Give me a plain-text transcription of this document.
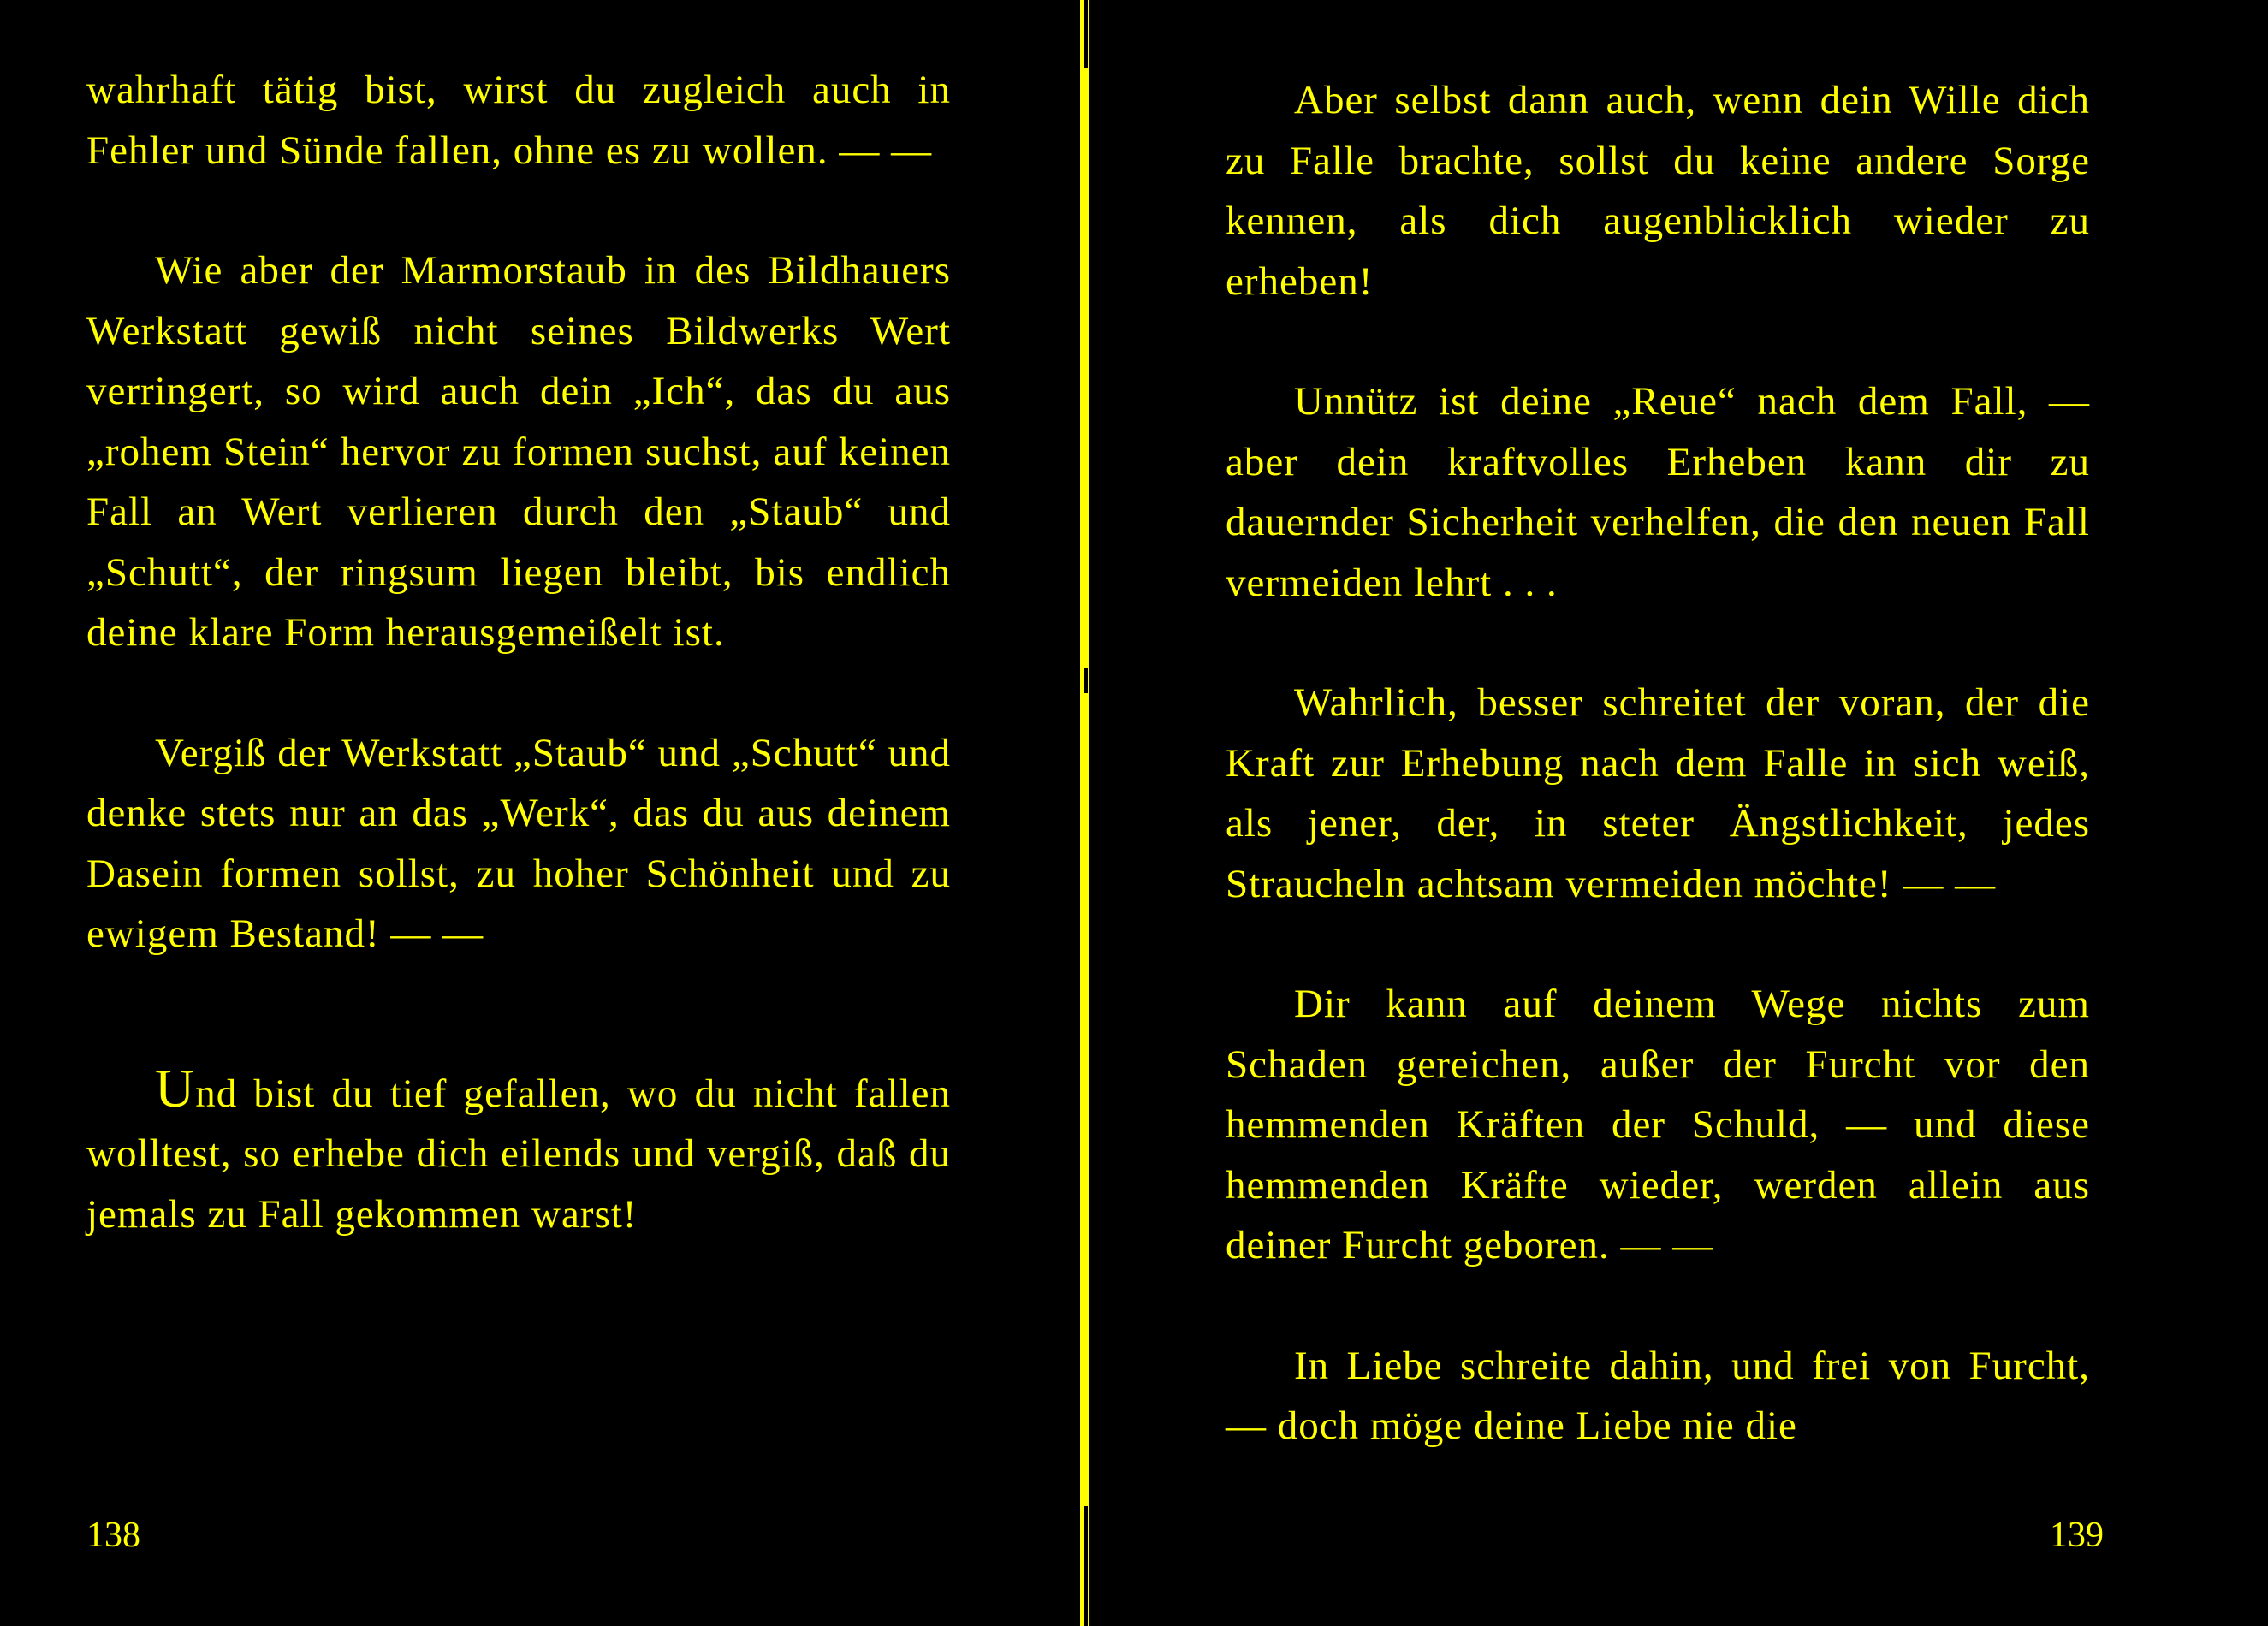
wahrhaft tätig bist, wirst du zugleich auch in Fehler und Sünde fallen, ohne es zu wollen. — —

Wie aber der Marmorstaub in des Bildhauers Werkstatt gewiß nicht seines Bildwerks Wert verringert, so wird auch dein „Ich“, das du aus „rohem Stein“ hervor zu formen suchst, auf keinen Fall an Wert verlieren durch den „Staub“ und „Schutt“, der ringsum liegen bleibt, bis endlich deine klare Form herausgemeißelt ist.

Vergiß der Werkstatt „Staub“ und „Schutt“ und denke stets nur an das „Werk“, das du aus deinem Dasein formen sollst, zu hoher Schönheit und zu ewigem Bestand! — —

Und bist du tief gefallen, wo du nicht fallen wolltest, so erhebe dich eilends und vergiß, daß du jemals zu Fall gekommen warst!

138

Aber selbst dann auch, wenn dein Wille dich zu Falle brachte, sollst du keine andere Sorge kennen, als dich augenblicklich wieder zu erheben!

Unnütz ist deine „Reue“ nach dem Fall, — aber dein kraftvolles Erheben kann dir zu dauernder Sicherheit verhelfen, die den neuen Fall vermeiden lehrt . . .

Wahrlich, besser schreitet der voran, der die Kraft zur Erhebung nach dem Falle in sich weiß, als jener, der, in steter Ängstlichkeit, jedes Straucheln achtsam vermeiden möchte! — —

Dir kann auf deinem Wege nichts zum Schaden gereichen, außer der Furcht vor den hemmenden Kräften der Schuld, — und diese hemmenden Kräfte wieder, werden allein aus deiner Furcht geboren. — —

In Liebe schreite dahin, und frei von Furcht, — doch möge deine Liebe nie die

139
